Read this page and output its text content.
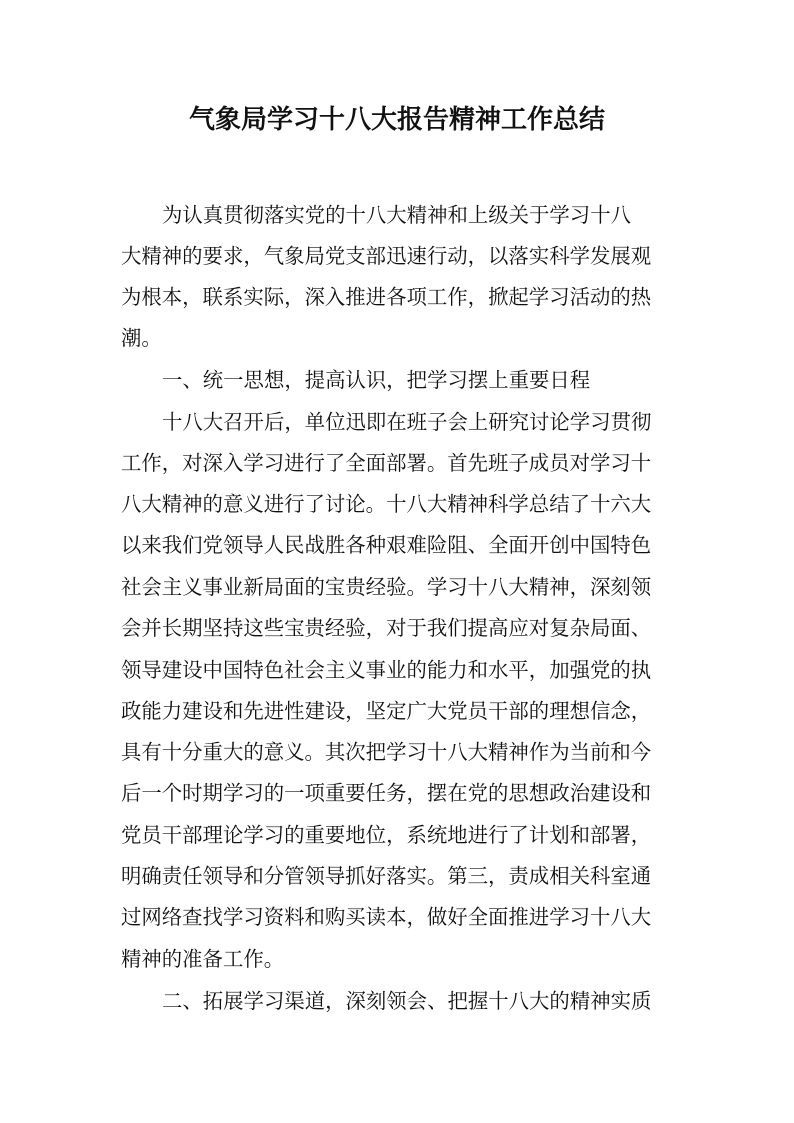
气象局学习十八大报告精神工作总结
为认真贯彻落实党的十八大精神和上级关于学习十八
大精神的要求，气象局党支部迅速行动，以落实科学发展观
为根本，联系实际，深入推进各项工作，掀起学习活动的热
潮。
一、统一思想，提高认识，把学习摆上重要日程
十八大召开后，单位迅即在班子会上研究讨论学习贯彻
工作，对深入学习进行了全面部署。首先班子成员对学习十
八大精神的意义进行了讨论。十八大精神科学总结了十六大
以来我们党领导人民战胜各种艰难险阻、全面开创中国特色
社会主义事业新局面的宝贵经验。学习十八大精神，深刻领
会并长期坚持这些宝贵经验，对于我们提高应对复杂局面、
领导建设中国特色社会主义事业的能力和水平，加强党的执
政能力建设和先进性建设，坚定广大党员干部的理想信念，
具有十分重大的意义。其次把学习十八大精神作为当前和今
后一个时期学习的一项重要任务，摆在党的思想政治建设和
党员干部理论学习的重要地位，系统地进行了计划和部署，
明确责任领导和分管领导抓好落实。第三，责成相关科室通
过网络查找学习资料和购买读本，做好全面推进学习十八大
精神的准备工作。
二、拓展学习渠道，深刻领会、把握十八大的精神实质
